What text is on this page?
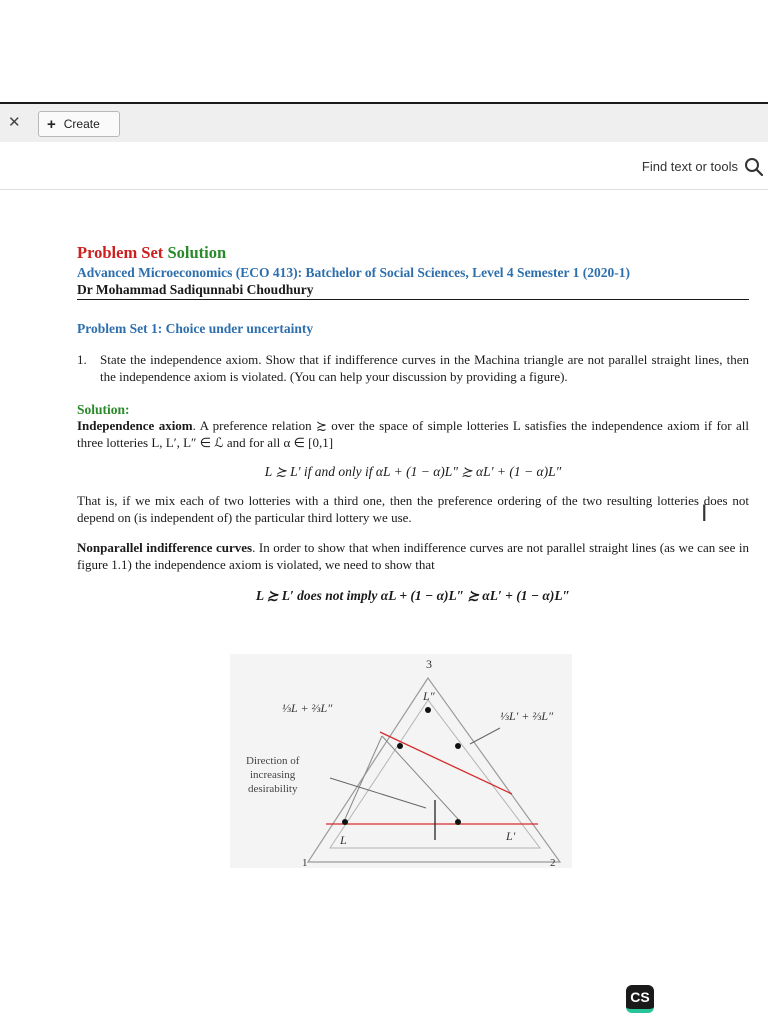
✕ + Create
Find text or tools
Problem Set Solution
Advanced Microeconomics (ECO 413): Batchelor of Social Sciences, Level 4 Semester 1 (2020-1)
Dr Mohammad Sadiqunnabi Choudhury
Problem Set 1: Choice under uncertainty
1.	State the independence axiom. Show that if indifference curves in the Machina triangle are not parallel straight lines, then the independence axiom is violated. (You can help your discussion by providing a figure).
Solution:

Independence axiom. A preference relation ≿ over the space of simple lotteries L satisfies the independence axiom if for all three lotteries L, L′, L″ ∈ ℒ and for all α ∈ [0,1]

L ≿ L′ if and only if αL + (1 − α)L″ ≿ αL′ + (1 − α)L″

That is, if we mix each of two lotteries with a third one, then the preference ordering of the two resulting lotteries does not depend on (is independent of) the particular third lottery we use.

Nonparallel indifference curves. In order to show that when indifference curves are not parallel straight lines (as we can see in figure 1.1) the independence axiom is violated, we need to show that

L ≿ L′ does not imply αL + (1 − α)L″ ≿ αL′ + (1 − α)L″
3
1	2
L″
L	L′
⅓L + ⅔L″
⅓L′ + ⅔L″
Direction of
increasing
desirability
I
CS
